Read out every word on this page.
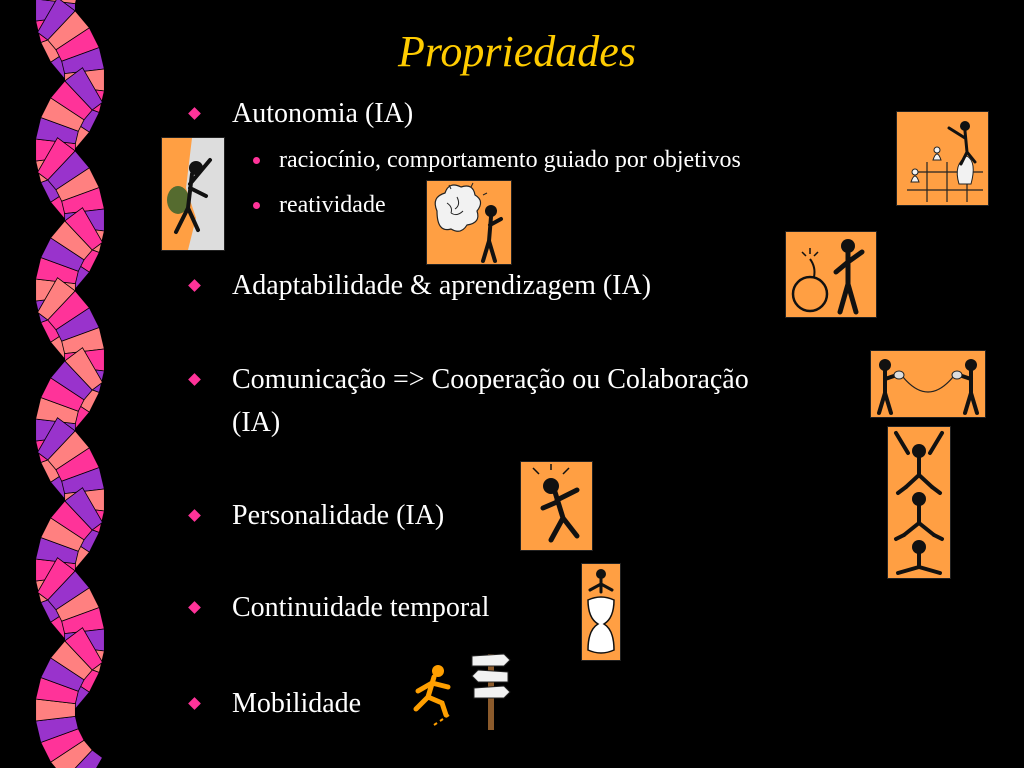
Propriedades
Autonomia (IA)
raciocínio, comportamento guiado por objetivos
reatividade
Adaptabilidade & aprendizagem (IA)
Comunicação => Cooperação ou Colaboração
(IA)
Personalidade (IA)
Continuidade temporal
Mobilidade
